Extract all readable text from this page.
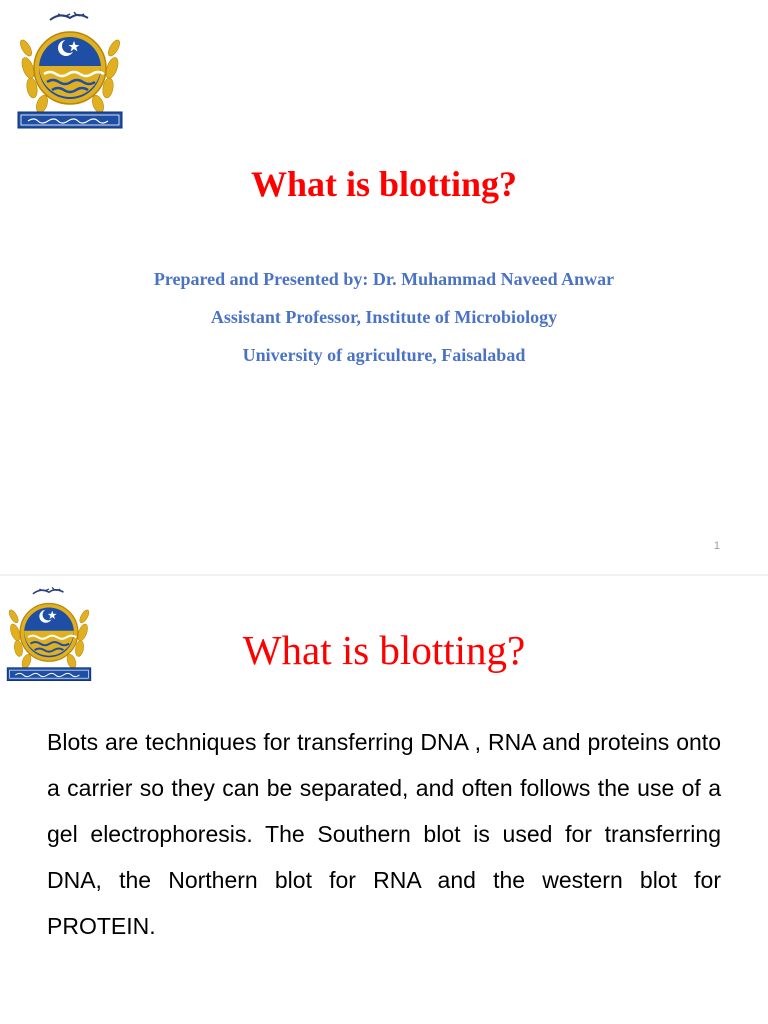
What is blotting?
Prepared and Presented by: Dr. Muhammad Naveed Anwar
Assistant Professor, Institute of Microbiology
University of agriculture, Faisalabad
1
What is blotting?

Blots are techniques for transferring DNA , RNA and proteins onto a carrier so they can be separated, and often follows the use of a gel electrophoresis. The Southern blot is used for transferring DNA, the Northern blot for RNA and the western blot for PROTEIN.
